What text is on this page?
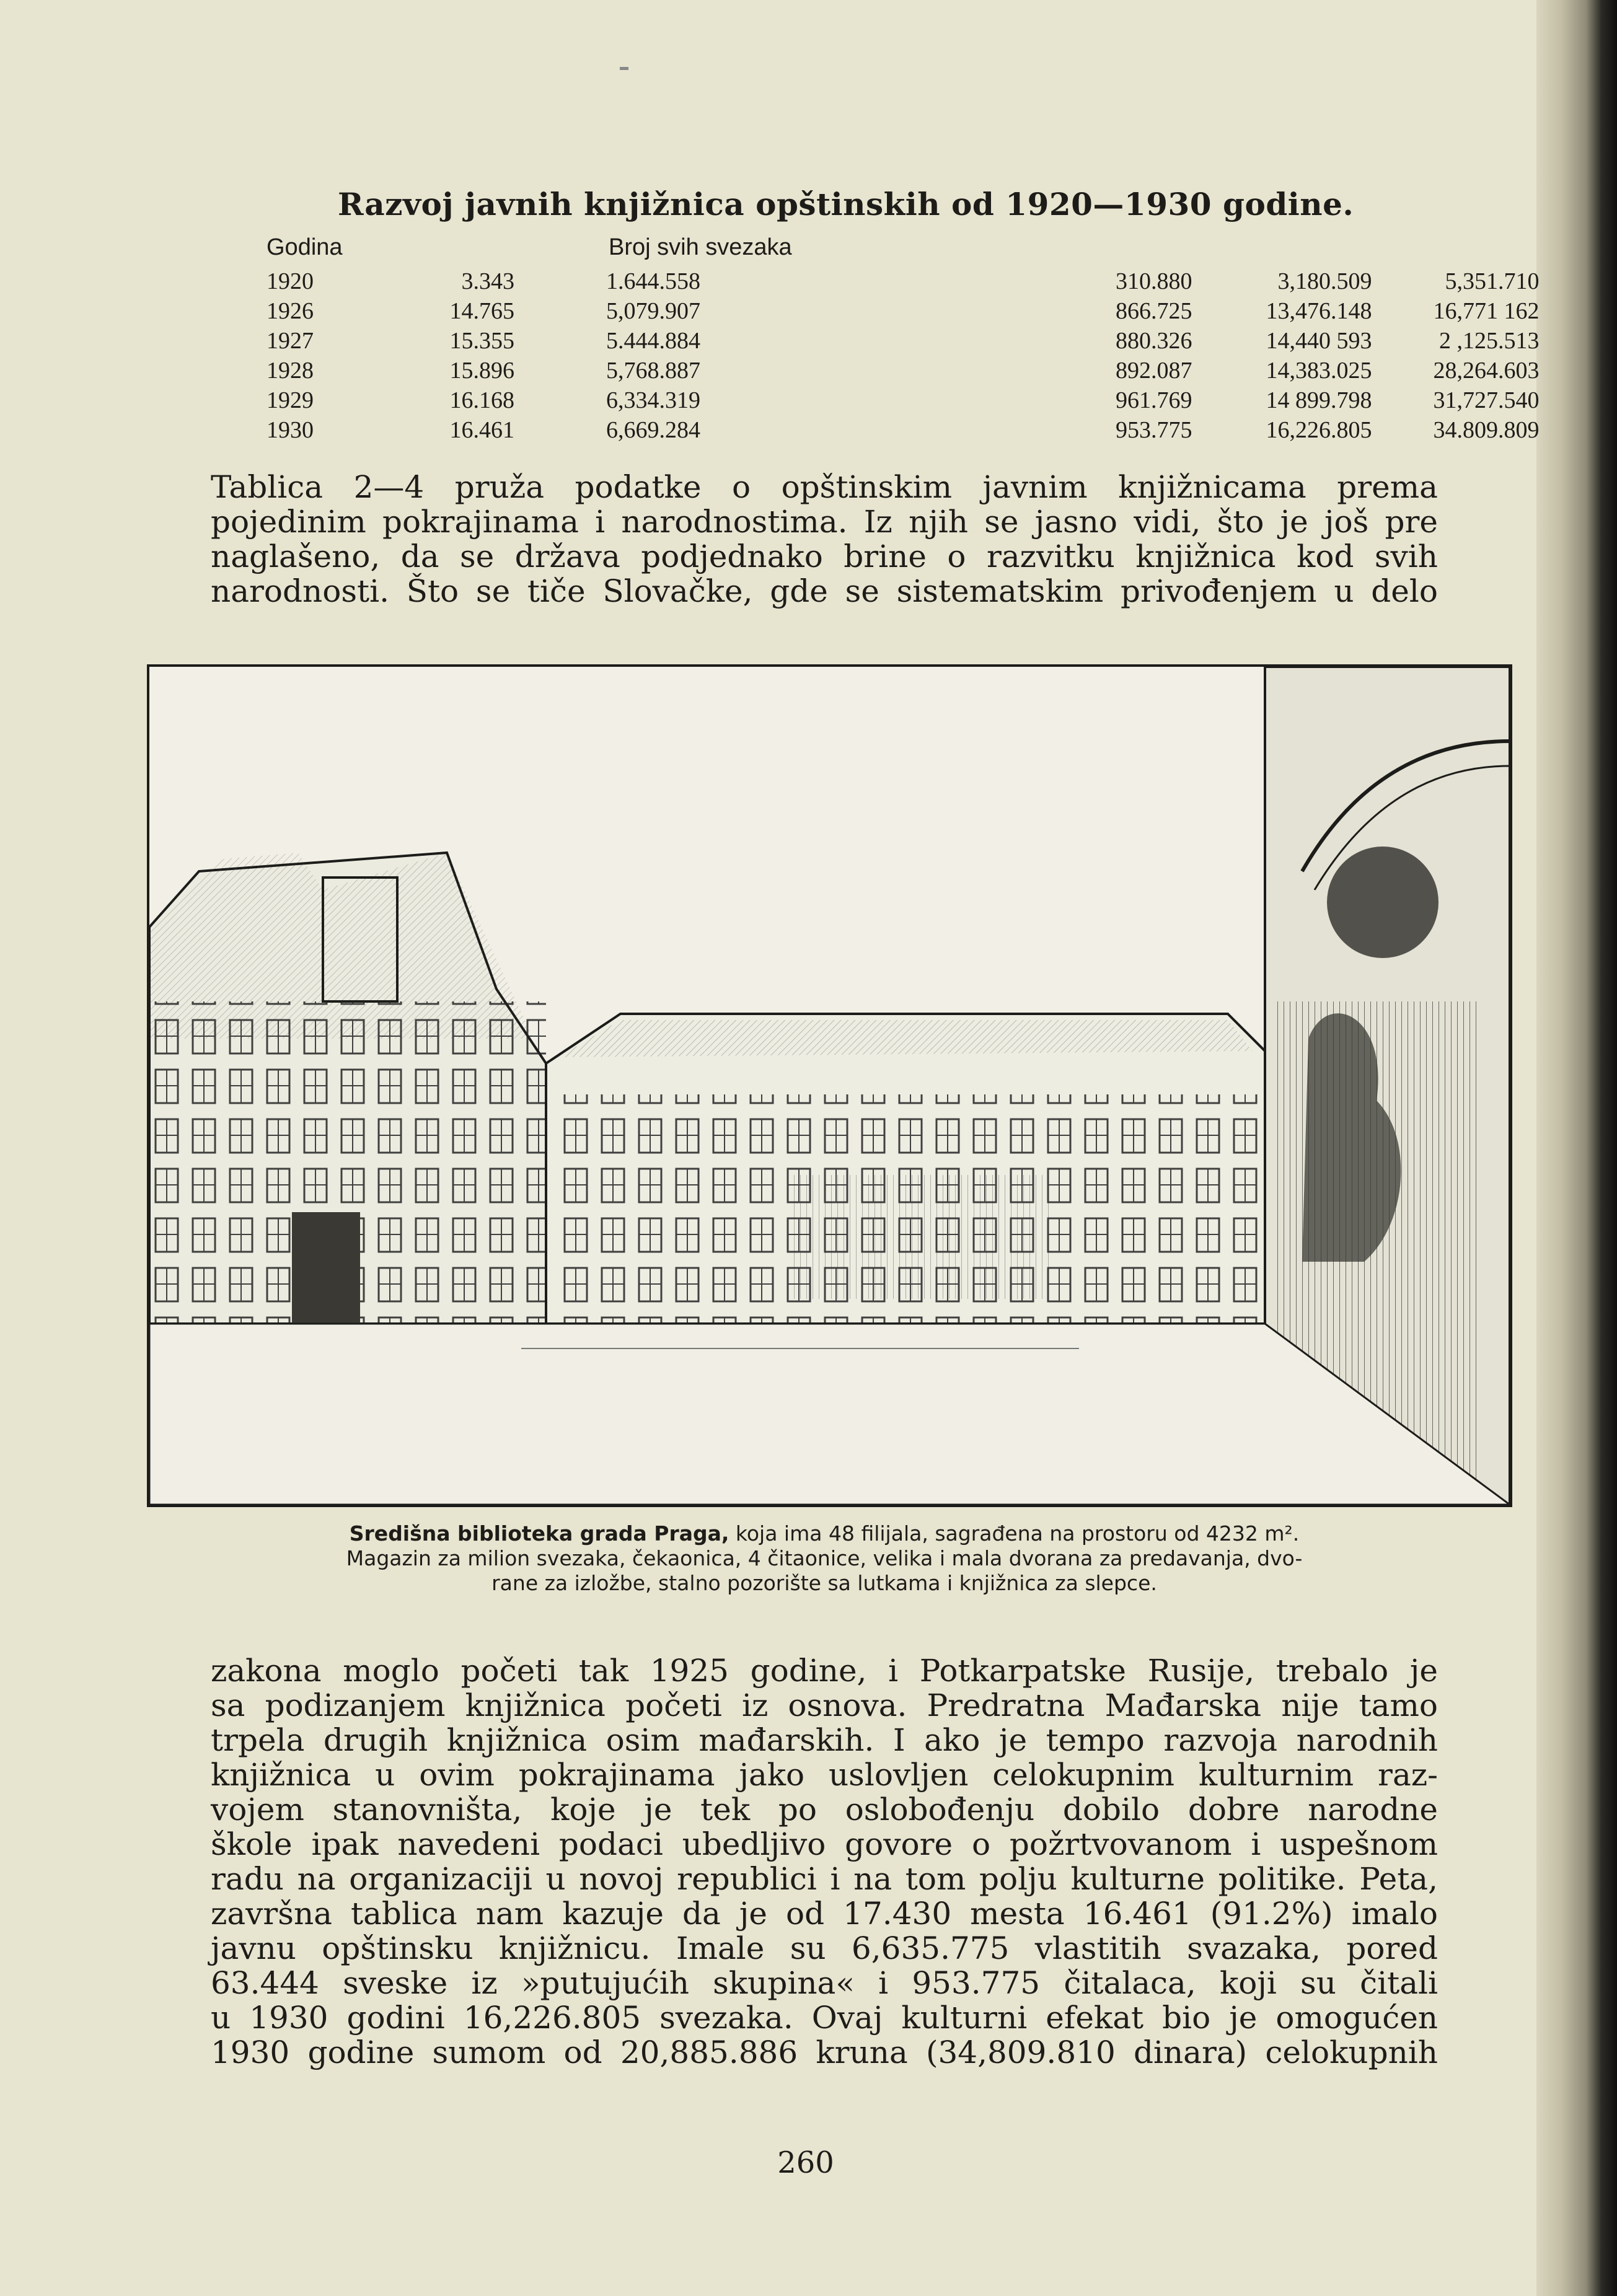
Razvoj javnih knjižnica opštinskih od 1920—1930 godine.
Godina	Broj svih svezaka
1920	3.343	1.644.558		310.880	3,180.509	5,351.710
1926	14.765	5,079.907		866.725	13,476.148	16,771 162
1927	15.355	5.444.884		880.326	14,440 593	2 ,125.513
1928	15.896	5,768.887		892.087	14,383.025	28,264.603
1929	16.168	6,334.319		961.769	14 899.798	31,727.540
1930	16.461	6,669.284		953.775	16,226.805	34.809.809
Tablica 2—4 pruža podatke o opštinskim javnim knjižnicama prema
pojedinim pokrajinama i narodnostima. Iz njih se jasno vidi, što je još pre
naglašeno, da se država podjednako brine o razvitku knjižnica kod svih
narodnosti. Što se tiče Slovačke, gde se sistematskim privođenjem u delo
Središna biblioteka grada Praga, koja ima 48 filijala, sagrađena na prostoru od 4232 m².
Magazin za milion svezaka, čekaonica, 4 čitaonice, velika i mala dvorana za predavanja, dvo-
rane za izložbe, stalno pozorište sa lutkama i knjižnica za slepce.
zakona moglo početi tak 1925 godine, i Potkarpatske Rusije, trebalo je
sa podizanjem knjižnica početi iz osnova. Predratna Mađarska nije tamo
trpela drugih knjižnica osim mađarskih. I ako je tempo razvoja narodnih
knjižnica u ovim pokrajinama jako uslovljen celokupnim kulturnim raz-
vojem stanovništa, koje je tek po oslobođenju dobilo dobre narodne
škole ipak navedeni podaci ubedljivo govore o požrtvovanom i uspešnom
radu na organizaciji u novoj republici i na tom polju kulturne politike. Peta,
završna tablica nam kazuje da je od 17.430 mesta 16.461 (91.2%) imalo
javnu opštinsku knjižnicu. Imale su 6,635.775 vlastitih svazaka, pored
63.444 sveske iz »putujućih skupina« i 953.775 čitalaca, koji su čitali
u 1930 godini 16,226.805 svezaka. Ovaj kulturni efekat bio je omogućen
1930 godine sumom od 20,885.886 kruna (34,809.810 dinara) celokupnih
260
